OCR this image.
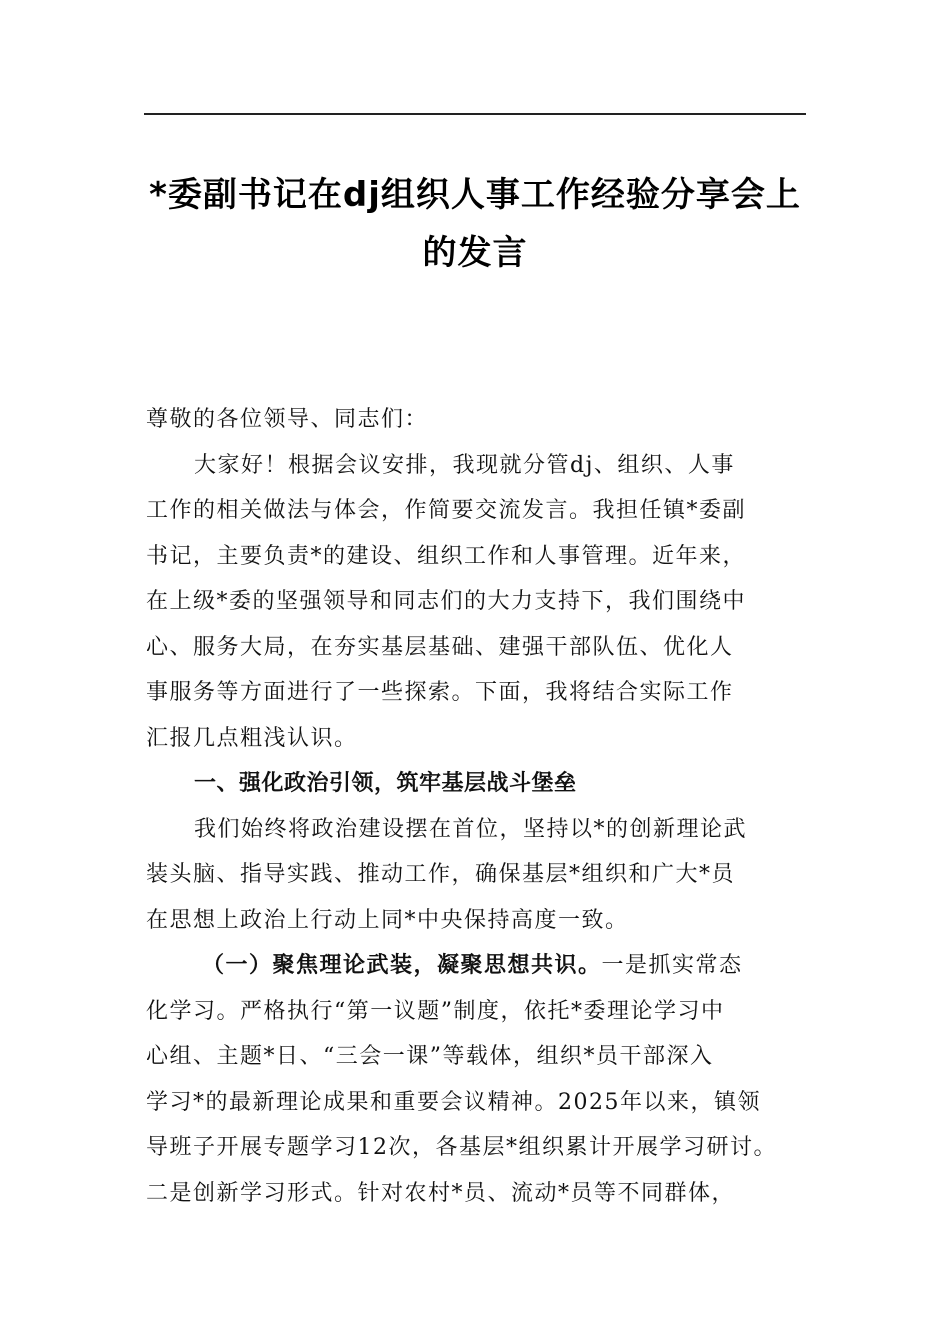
*委副书记在dj组织人事工作经验分享会上
的发言

尊敬的各位领导、同志们：

大家好！根据会议安排，我现就分管dj、组织、人事
工作的相关做法与体会，作简要交流发言。我担任镇*委副
书记，主要负责*的建设、组织工作和人事管理。近年来，
在上级*委的坚强领导和同志们的大力支持下，我们围绕中
心、服务大局，在夯实基层基础、建强干部队伍、优化人
事服务等方面进行了一些探索。下面，我将结合实际工作
汇报几点粗浅认识。

一、强化政治引领，筑牢基层战斗堡垒

我们始终将政治建设摆在首位，坚持以*的创新理论武
装头脑、指导实践、推动工作，确保基层*组织和广大*员
在思想上政治上行动上同*中央保持高度一致。

（一）聚焦理论武装，凝聚思想共识。一是抓实常态
化学习。严格执行“第一议题”制度，依托*委理论学习中
心组、主题*日、“三会一课”等载体，组织*员干部深入
学习*的最新理论成果和重要会议精神。2025年以来，镇领
导班子开展专题学习12次，各基层*组织累计开展学习研讨。
二是创新学习形式。针对农村*员、流动*员等不同群体，
